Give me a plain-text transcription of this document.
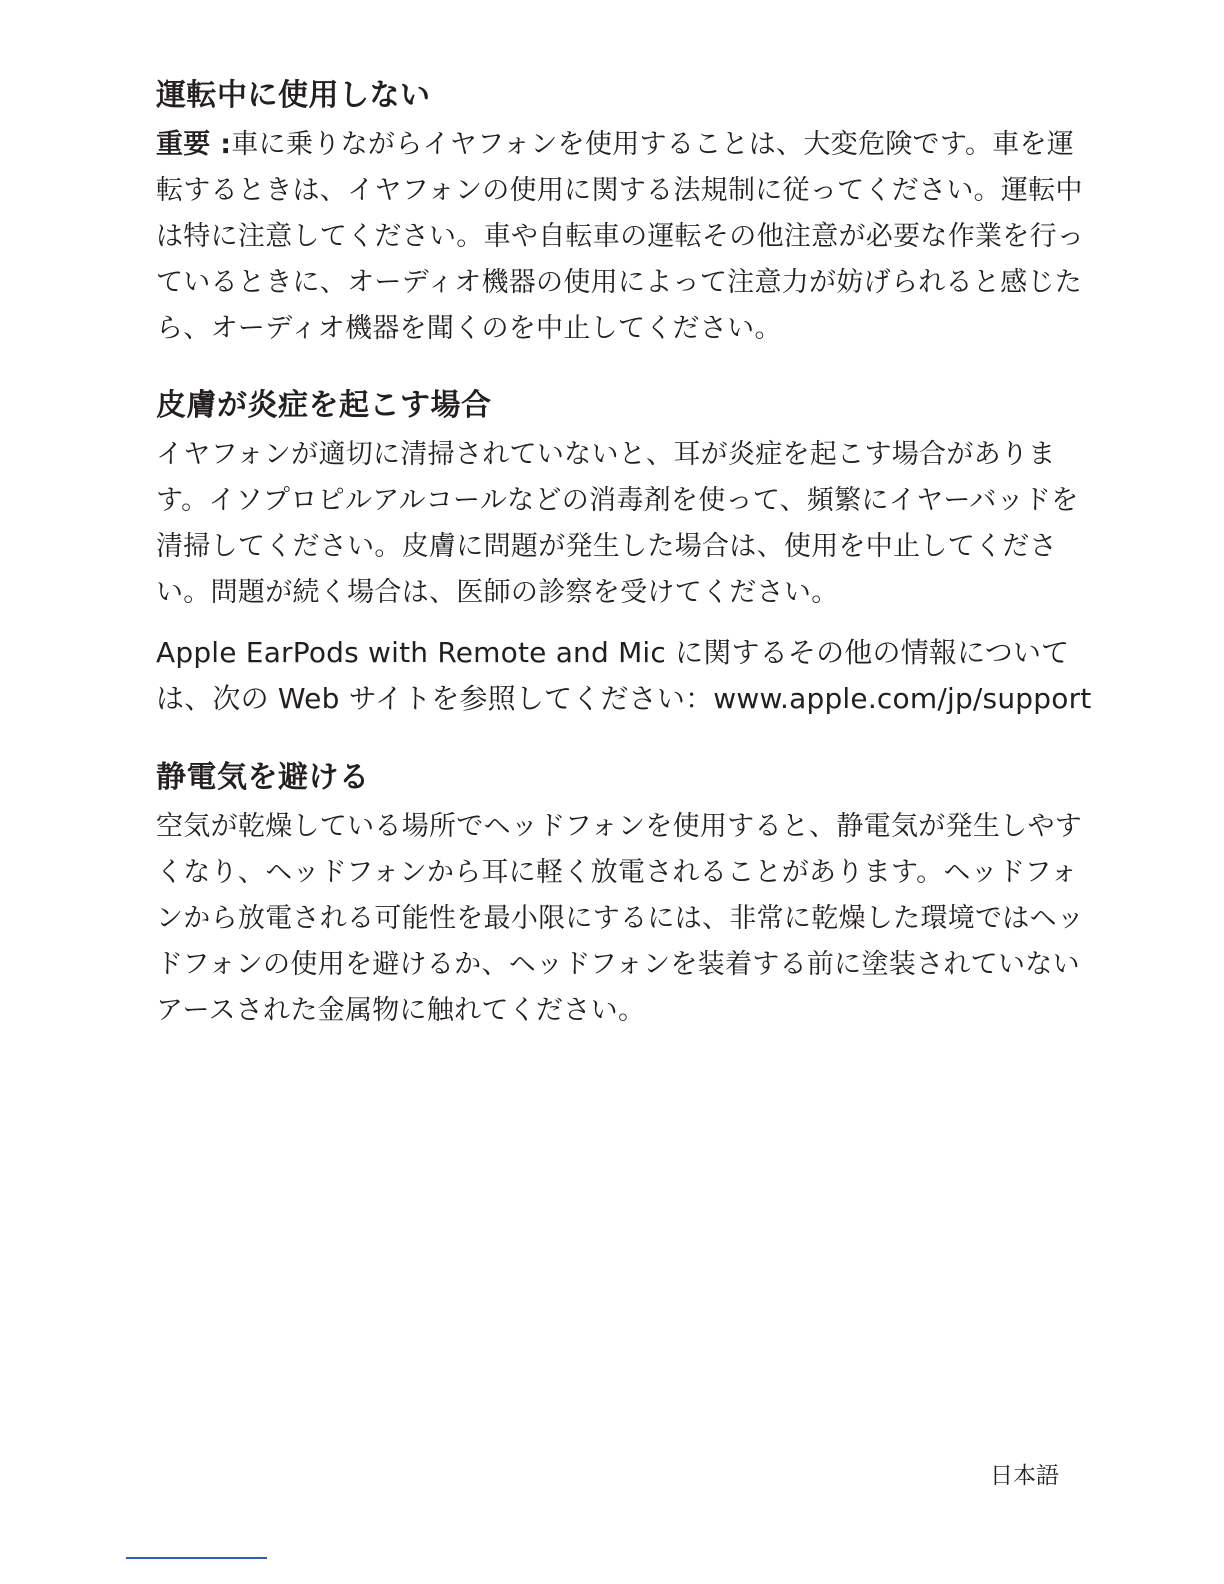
運転中に使用しない

重要 :車に乗りながらイヤフォンを使用することは、大変危険です。車を運転するときは、イヤフォンの使用に関する法規制に従ってください。運転中は特に注意してください。車や自転車の運転その他注意が必要な作業を行っているときに、オーディオ機器の使用によって注意力が妨げられると感じたら、オーディオ機器を聞くのを中止してください。

皮膚が炎症を起こす場合

イヤフォンが適切に清掃されていないと、耳が炎症を起こす場合があります。イソプロピルアルコールなどの消毒剤を使って、頻繁にイヤーバッドを清掃してください。皮膚に問題が発生した場合は、使用を中止してください。問題が続く場合は、医師の診察を受けてください。

Apple EarPods with Remote and Mic に関するその他の情報については、次の Web サイトを参照してください：www.apple.com/jp/support

静電気を避ける

空気が乾燥している場所でヘッドフォンを使用すると、静電気が発生しやすくなり、ヘッドフォンから耳に軽く放電されることがあります。ヘッドフォンから放電される可能性を最小限にするには、非常に乾燥した環境ではヘッドフォンの使用を避けるか、ヘッドフォンを装着する前に塗装されていないアースされた金属物に触れてください。

日本語
